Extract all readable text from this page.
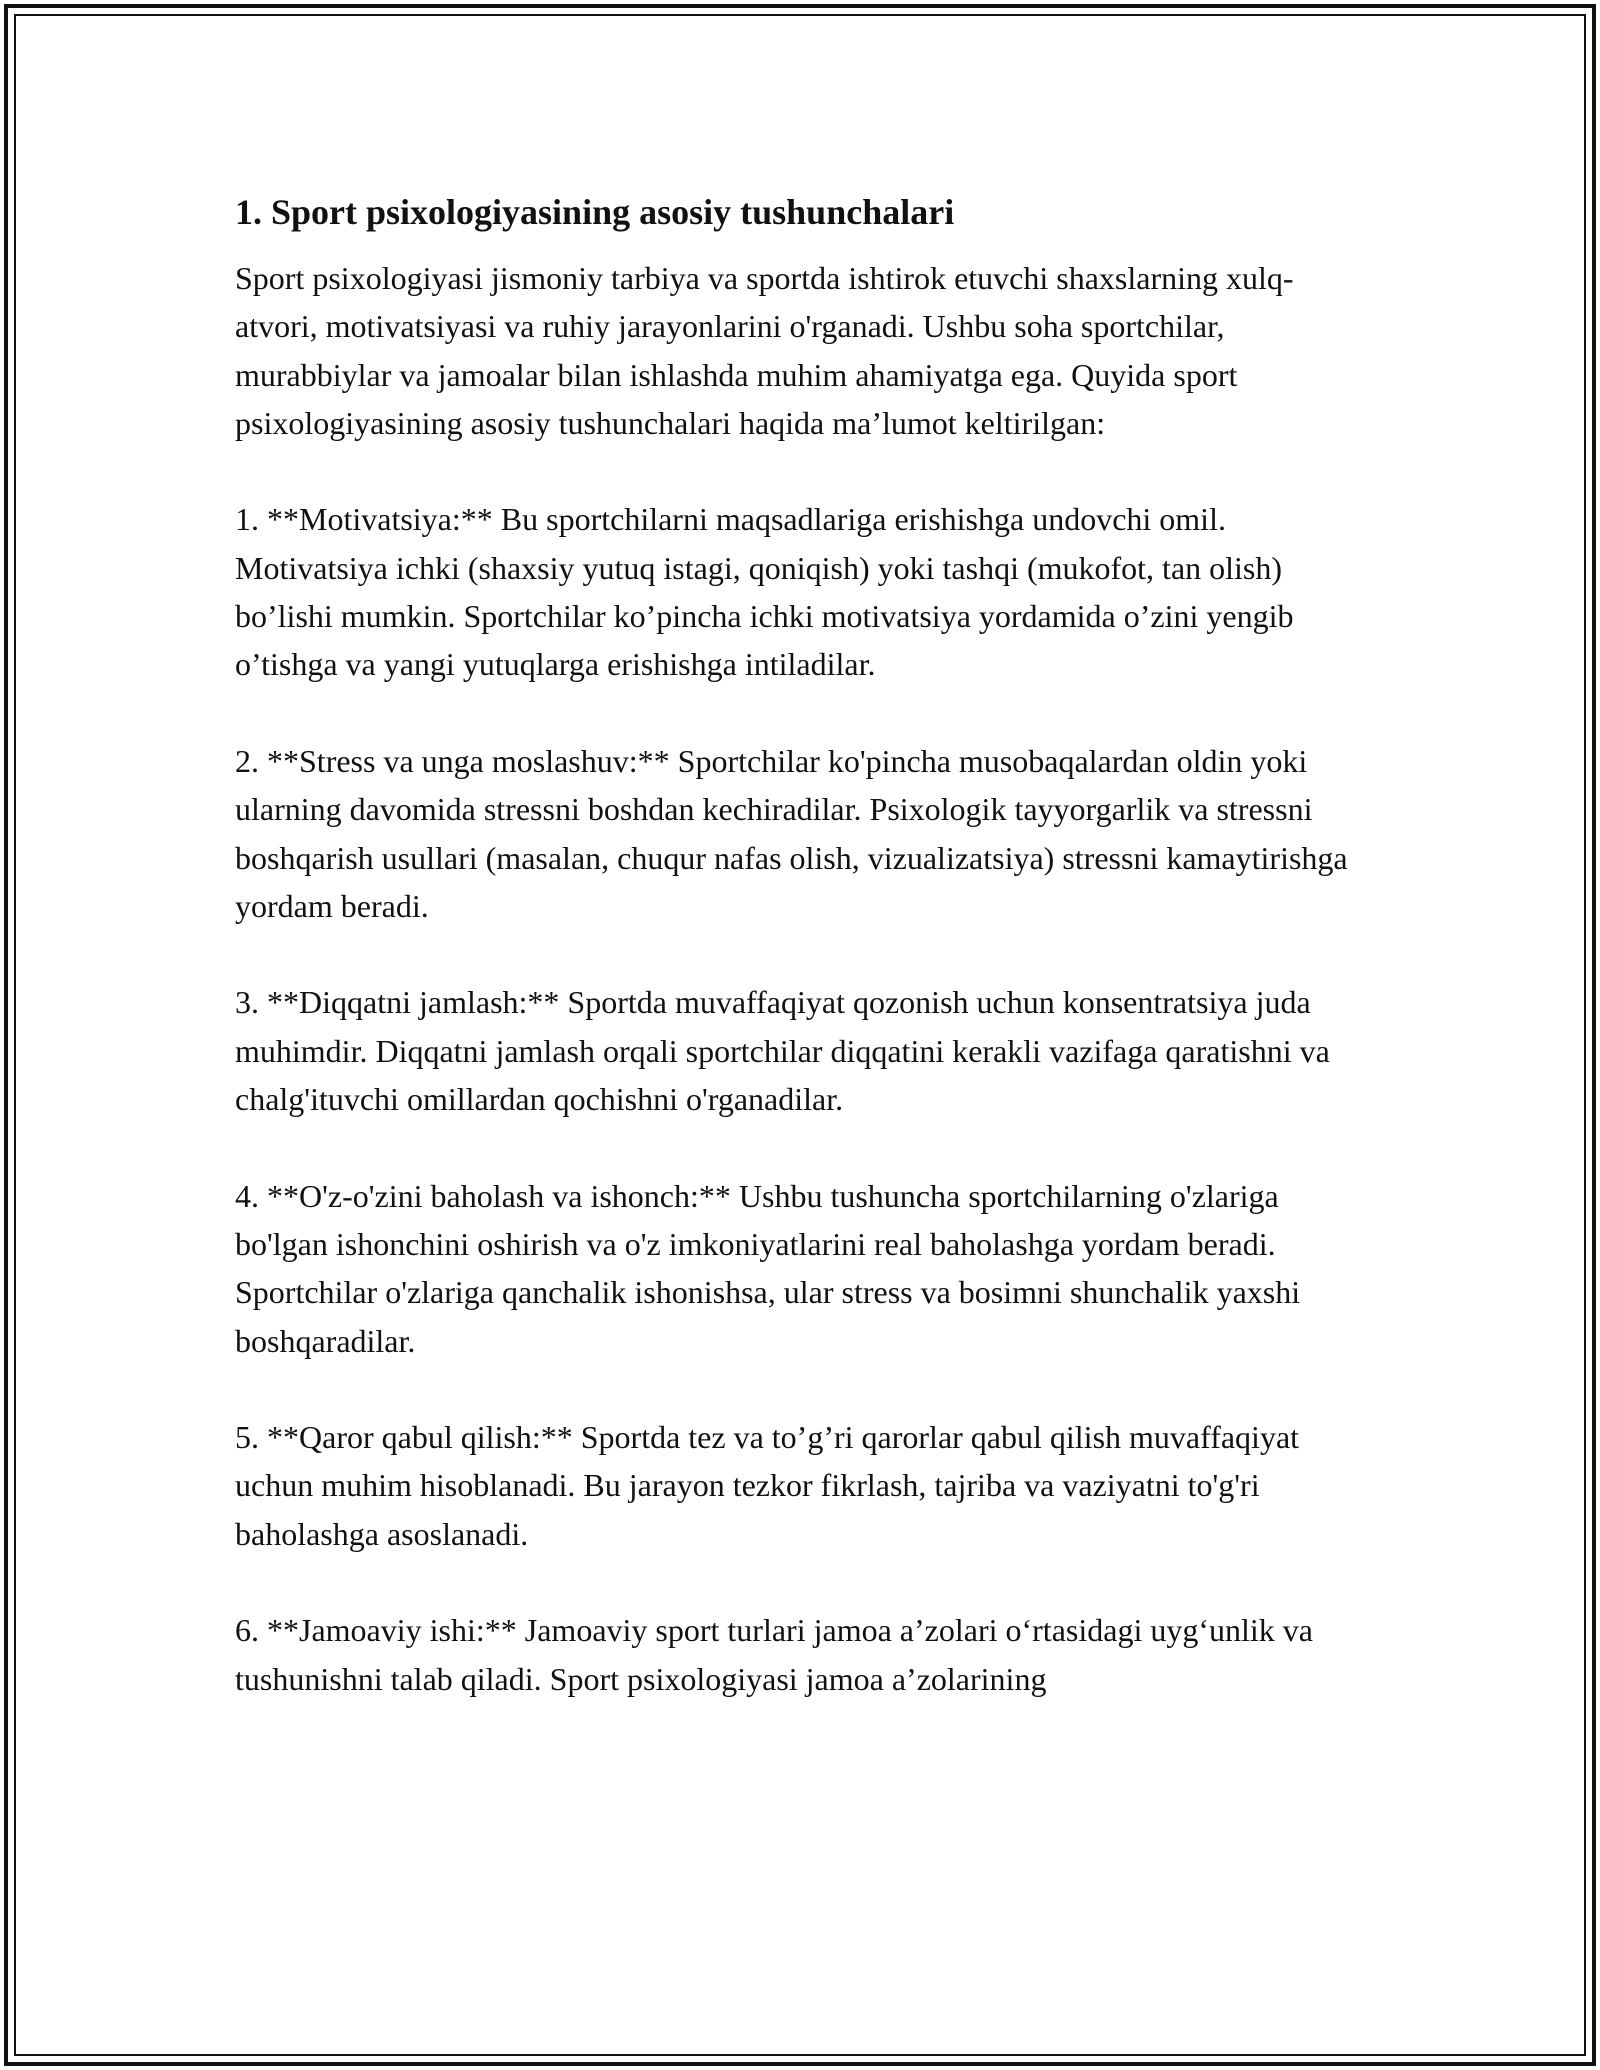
1. Sport psixologiyasining asosiy tushunchalari

Sport psixologiyasi jismoniy tarbiya va sportda ishtirok etuvchi shaxslarning xulq-atvori, motivatsiyasi va ruhiy jarayonlarini o'rganadi. Ushbu soha sportchilar, murabbiylar va jamoalar bilan ishlashda muhim ahamiyatga ega. Quyida sport psixologiyasining asosiy tushunchalari haqida ma’lumot keltirilgan:

1. **Motivatsiya:** Bu sportchilarni maqsadlariga erishishga undovchi omil. Motivatsiya ichki (shaxsiy yutuq istagi, qoniqish) yoki tashqi (mukofot, tan olish) bo’lishi mumkin. Sportchilar ko’pincha ichki motivatsiya yordamida o’zini yengib o’tishga va yangi yutuqlarga erishishga intiladilar.

2. **Stress va unga moslashuv:** Sportchilar ko'pincha musobaqalardan oldin yoki ularning davomida stressni boshdan kechiradilar. Psixologik tayyorgarlik va stressni boshqarish usullari (masalan, chuqur nafas olish, vizualizatsiya) stressni kamaytirishga yordam beradi.

3. **Diqqatni jamlash:** Sportda muvaffaqiyat qozonish uchun konsentratsiya juda muhimdir. Diqqatni jamlash orqali sportchilar diqqatini kerakli vazifaga qaratishni va chalg'ituvchi omillardan qochishni o'rganadilar.

4. **O'z-o'zini baholash va ishonch:** Ushbu tushuncha sportchilarning o'zlariga bo'lgan ishonchini oshirish va o'z imkoniyatlarini real baholashga yordam beradi. Sportchilar o'zlariga qanchalik ishonishsa, ular stress va bosimni shunchalik yaxshi boshqaradilar.

5. **Qaror qabul qilish:** Sportda tez va to’g’ri qarorlar qabul qilish muvaffaqiyat uchun muhim hisoblanadi. Bu jarayon tezkor fikrlash, tajriba va vaziyatni to'g'ri baholashga asoslanadi.

6. **Jamoaviy ishi:** Jamoaviy sport turlari jamoa a’zolari o‘rtasidagi uyg‘unlik va tushunishni talab qiladi. Sport psixologiyasi jamoa a’zolarining
